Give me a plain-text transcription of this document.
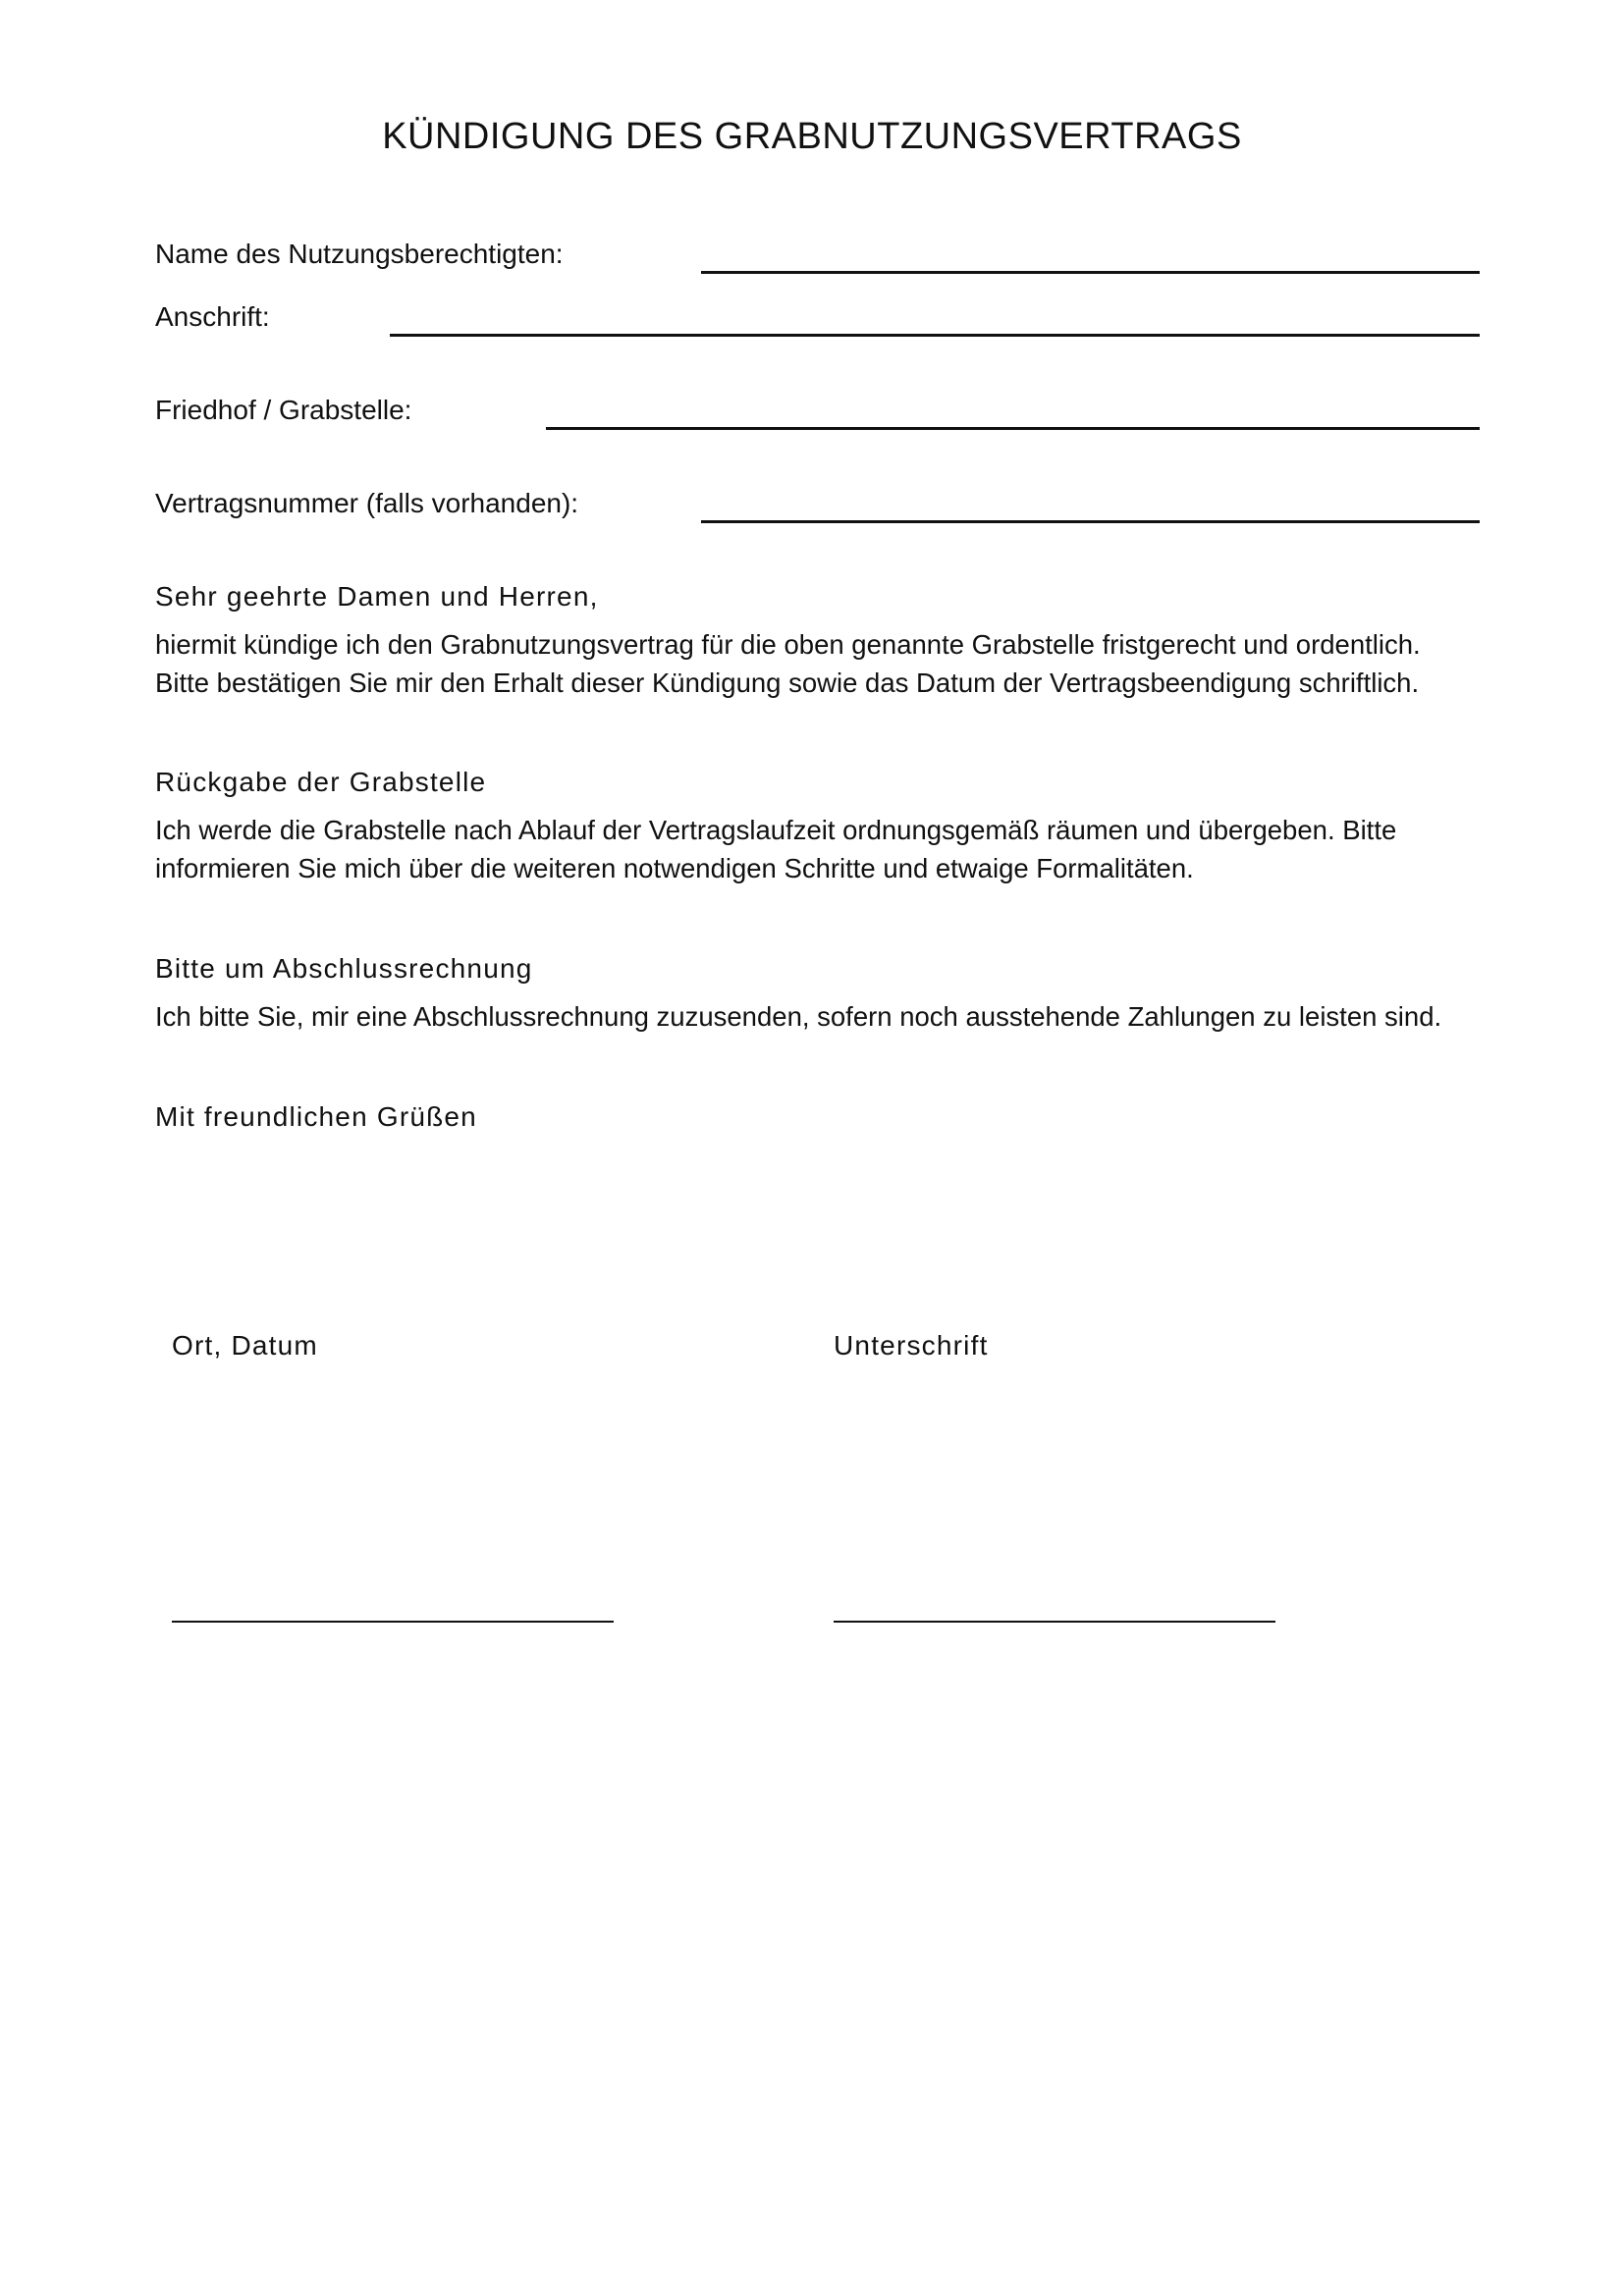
KÜNDIGUNG DES GRABNUTZUNGSVERTRAGS
Name des Nutzungsberechtigten:
Anschrift:
Friedhof / Grabstelle:
Vertragsnummer (falls vorhanden):
Sehr geehrte Damen und Herren,
hiermit kündige ich den Grabnutzungsvertrag für die oben genannte Grabstelle fristgerecht und ordentlich.
Bitte bestätigen Sie mir den Erhalt dieser Kündigung sowie das Datum der Vertragsbeendigung schriftlich.
Rückgabe der Grabstelle
Ich werde die Grabstelle nach Ablauf der Vertragslaufzeit ordnungsgemäß räumen und übergeben. Bitte
informieren Sie mich über die weiteren notwendigen Schritte und etwaige Formalitäten.
Bitte um Abschlussrechnung
Ich bitte Sie, mir eine Abschlussrechnung zuzusenden, sofern noch ausstehende Zahlungen zu leisten sind.
Mit freundlichen Grüßen
Ort, Datum	Unterschrift
